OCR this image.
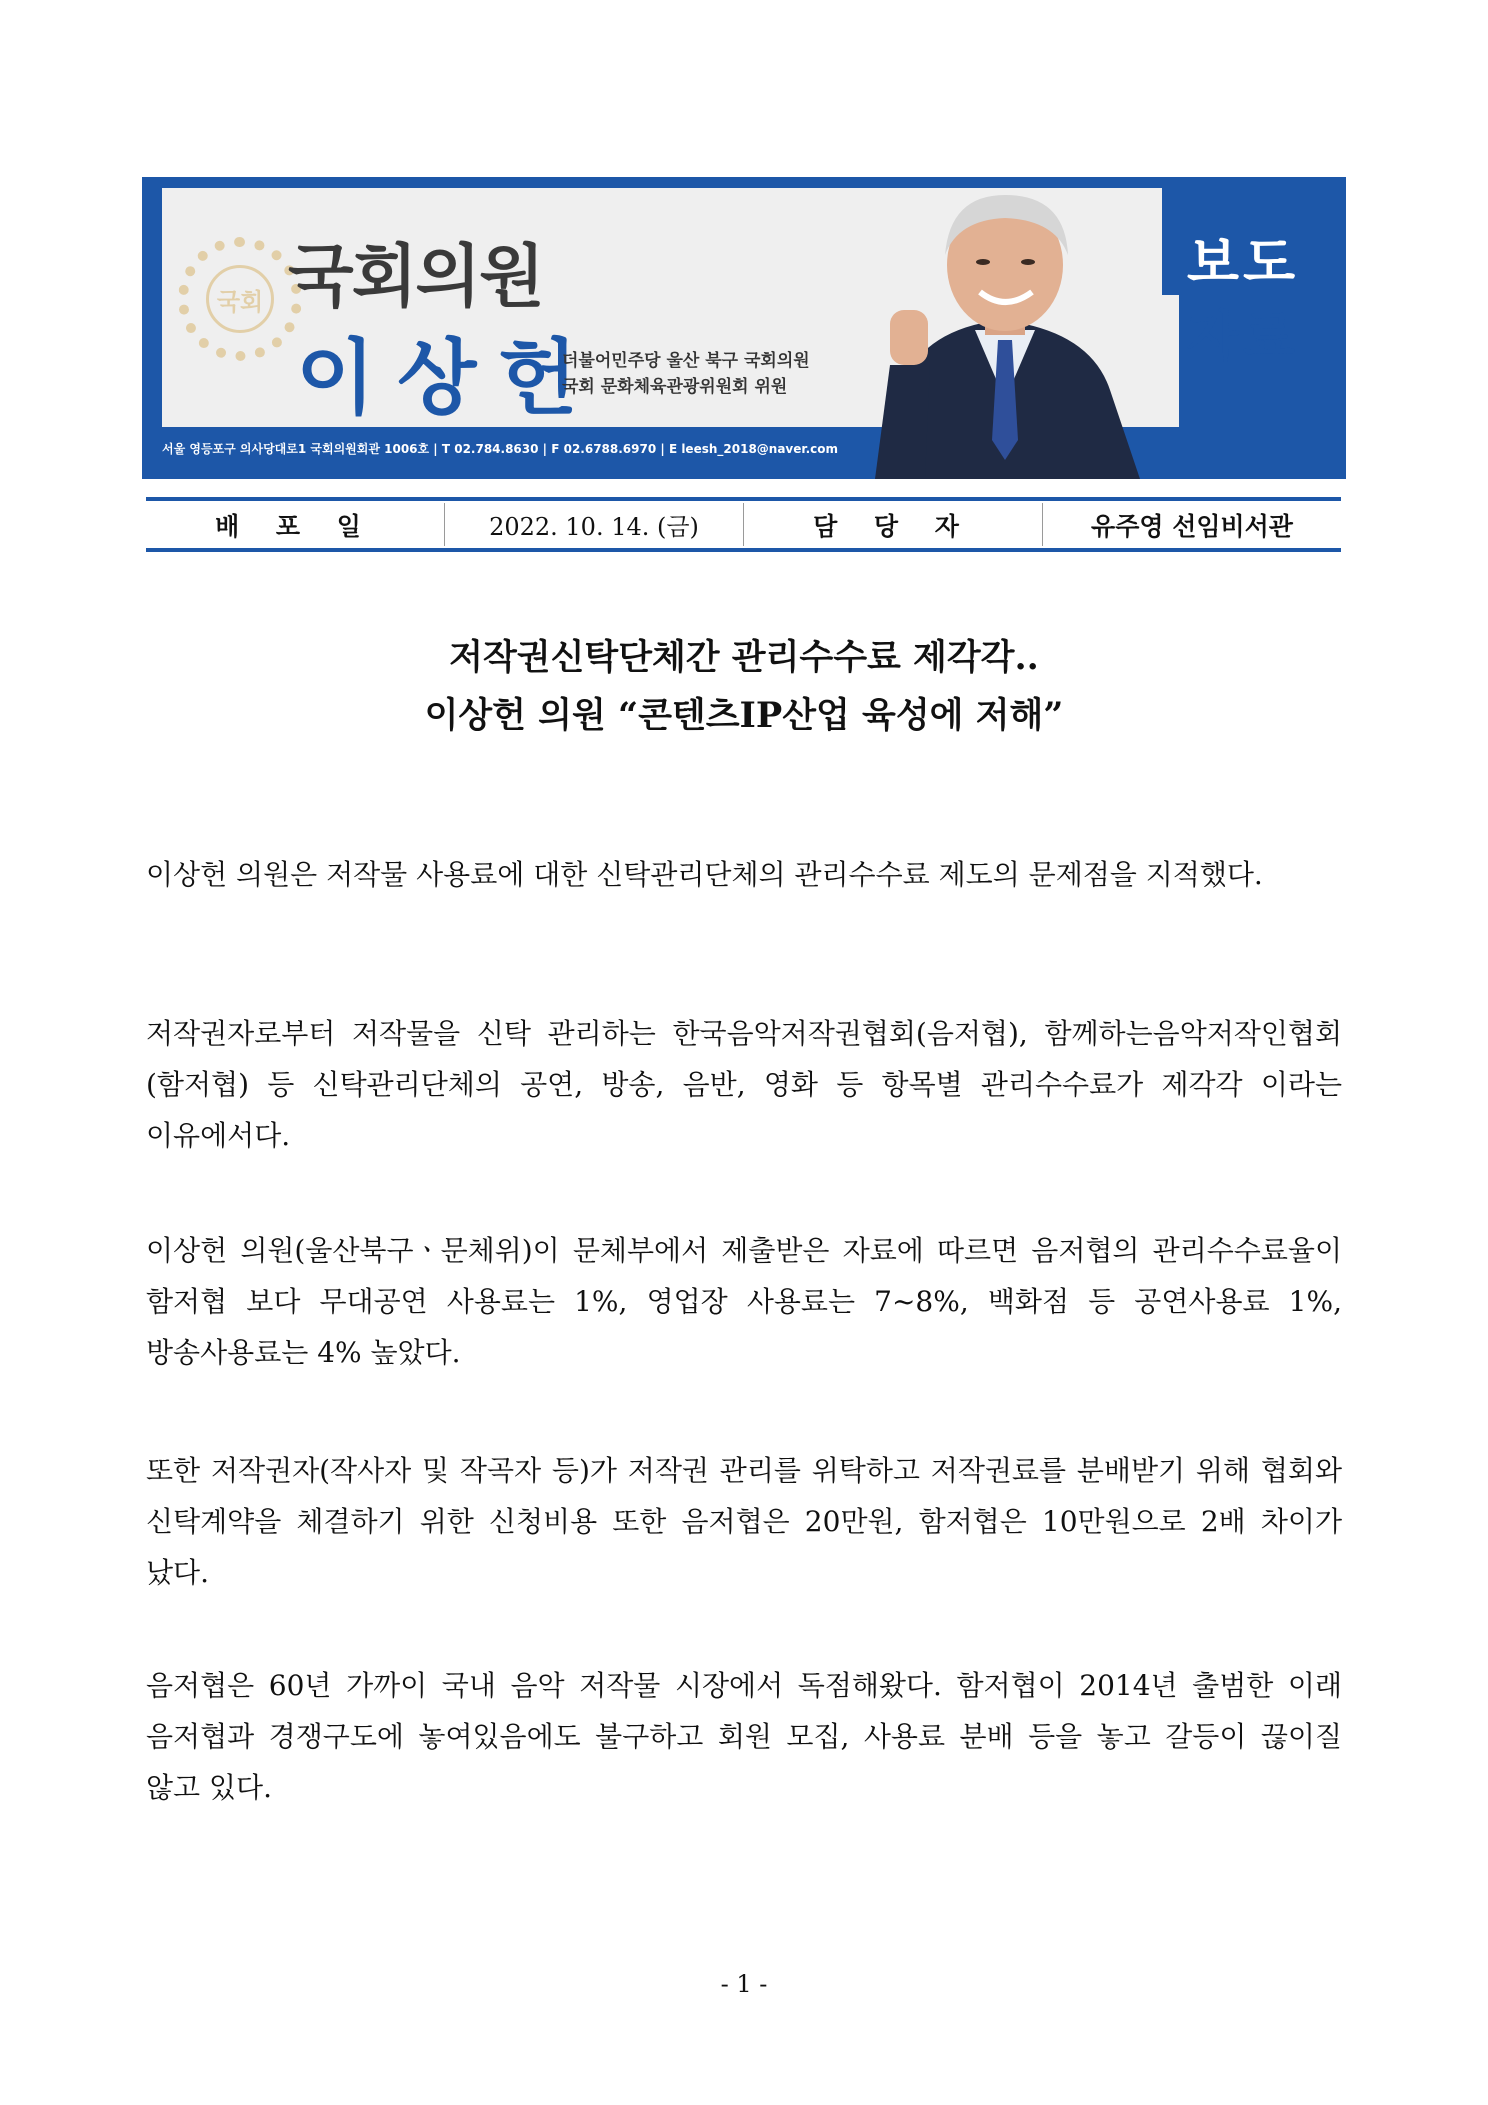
국회 국회의원
이상헌
더불어민주당 울산 북구 국회의원
국회 문화체육관광위원회 위원
서울 영등포구 의사당대로1 국회의원회관 1006호 | T 02.784.8630 | F 02.6788.6970 | E leesh_2018@naver.com
보도
자료
배 포 일	2022. 10. 14. (금)	담 당 자	유주영 선임비서관
저작권신탁단체간 관리수수료 제각각..
이상헌 의원 “콘텐츠IP산업 육성에 저해”
이상헌 의원은 저작물 사용료에 대한 신탁관리단체의 관리수수료 제도의 문제점을 지적했다.
저작권자로부터 저작물을 신탁 관리하는 한국음악저작권협회(음저협), 함께하는음악저작인협회(함저협) 등 신탁관리단체의 공연, 방송, 음반, 영화 등 항목별 관리수수료가 제각각 이라는 이유에서다.
이상헌 의원(울산북구ㆍ문체위)이 문체부에서 제출받은 자료에 따르면 음저협의 관리수수료율이 함저협 보다 무대공연 사용료는 1%, 영업장 사용료는 7~8%, 백화점 등 공연사용료 1%, 방송사용료는 4% 높았다.
또한 저작권자(작사자 및 작곡자 등)가 저작권 관리를 위탁하고 저작권료를 분배받기 위해 협회와 신탁계약을 체결하기 위한 신청비용 또한 음저협은 20만원, 함저협은 10만원으로 2배 차이가 났다.
음저협은 60년 가까이 국내 음악 저작물 시장에서 독점해왔다. 함저협이 2014년 출범한 이래 음저협과 경쟁구도에 놓여있음에도 불구하고 회원 모집, 사용료 분배 등을 놓고 갈등이 끊이질 않고 있다.
- 1 -
